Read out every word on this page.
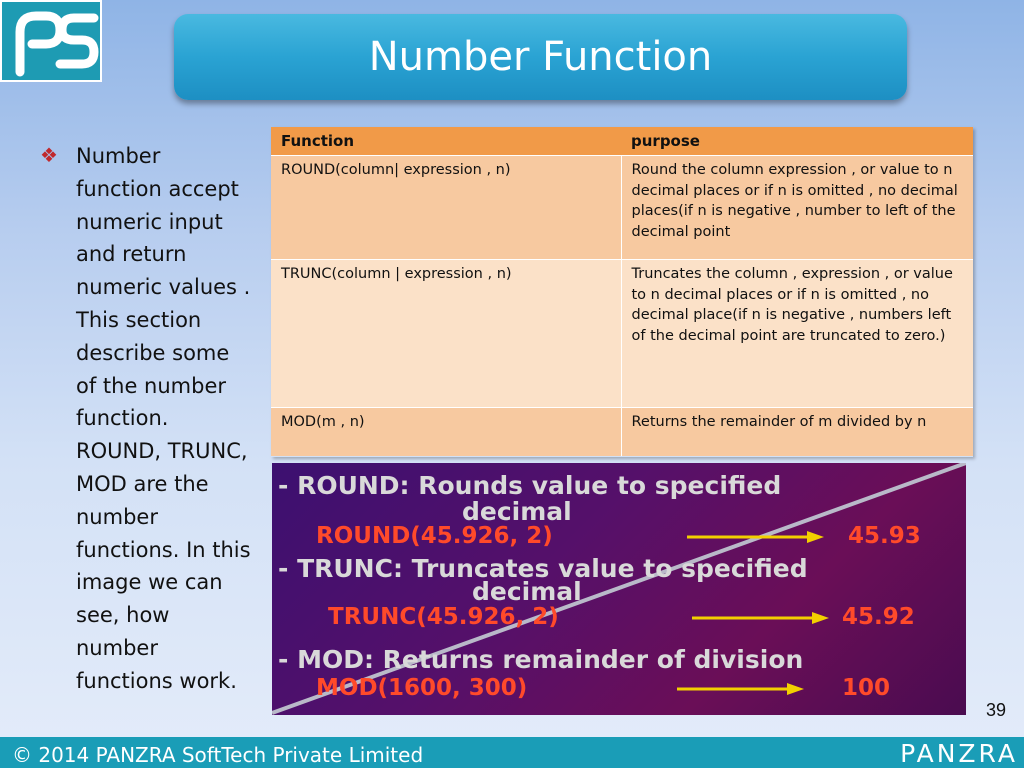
Number Function
❖ Number
function accept
numeric input
and return
numeric values .
This section
describe some
of the number
function.
ROUND, TRUNC,
MOD are the
number
functions. In this
image we can
see, how
number
functions work.
Function	purpose
ROUND(column| expression , n)	Round the column expression , or value to n decimal places or if n is omitted , no decimal places(if n is negative , number to left of the decimal point
TRUNC(column | expression , n)	Truncates the column , expression , or value to n decimal places or if n is omitted , no decimal place(if n is negative , numbers left of the decimal point are truncated to zero.)
MOD(m , n)	Returns the remainder of m divided by n
- ROUND: Rounds value to specified
decimal
ROUND(45.926, 2)	45.93
- TRUNC: Truncates value to specified
decimal
TRUNC(45.926, 2)	45.92
- MOD: Returns remainder of division
MOD(1600, 300)	100
39
© 2014 PANZRA SoftTech Private Limited	PANZRA
